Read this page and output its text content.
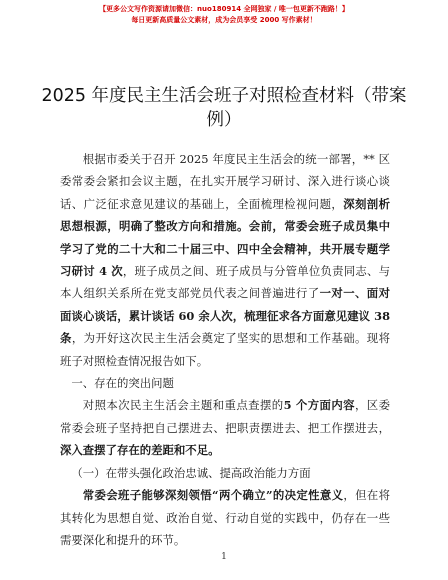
【更多公文写作资源请加微信：nuo180914 全网独家 / 唯一包更新不跑路！】
每日更新高质量公文素材，成为会员享受 2000 写作素材！
2025 年度民主生活会班子对照检查材料（带案例）

根据市委关于召开 2025 年度民主生活会的统一部署，** 区委常委会紧扣会议主题，在扎实开展学习研讨、深入进行谈心谈话、广泛征求意见建议的基础上，全面梳理检视问题，深刻剖析思想根源，明确了整改方向和措施。会前，常委会班子成员集中学习了党的二十大和二十届三中、四中全会精神，共开展专题学习研讨 4 次，班子成员之间、班子成员与分管单位负责同志、与本人组织关系所在党支部党员代表之间普遍进行了一对一、面对面谈心谈话，累计谈话 60 余人次，梳理征求各方面意见建议 38 条，为开好这次民主生活会奠定了坚实的思想和工作基础。现将班子对照检查情况报告如下。

一、存在的突出问题

对照本次民主生活会主题和重点查摆的5 个方面内容，区委常委会班子坚持把自己摆进去、把职责摆进去、把工作摆进去，深入查摆了存在的差距和不足。

（一）在带头强化政治忠诚、提高政治能力方面

常委会班子能够深刻领悟“两个确立”的决定性意义，但在将其转化为思想自觉、政治自觉、行动自觉的实践中，仍存在一些需要深化和提升的环节。

1
